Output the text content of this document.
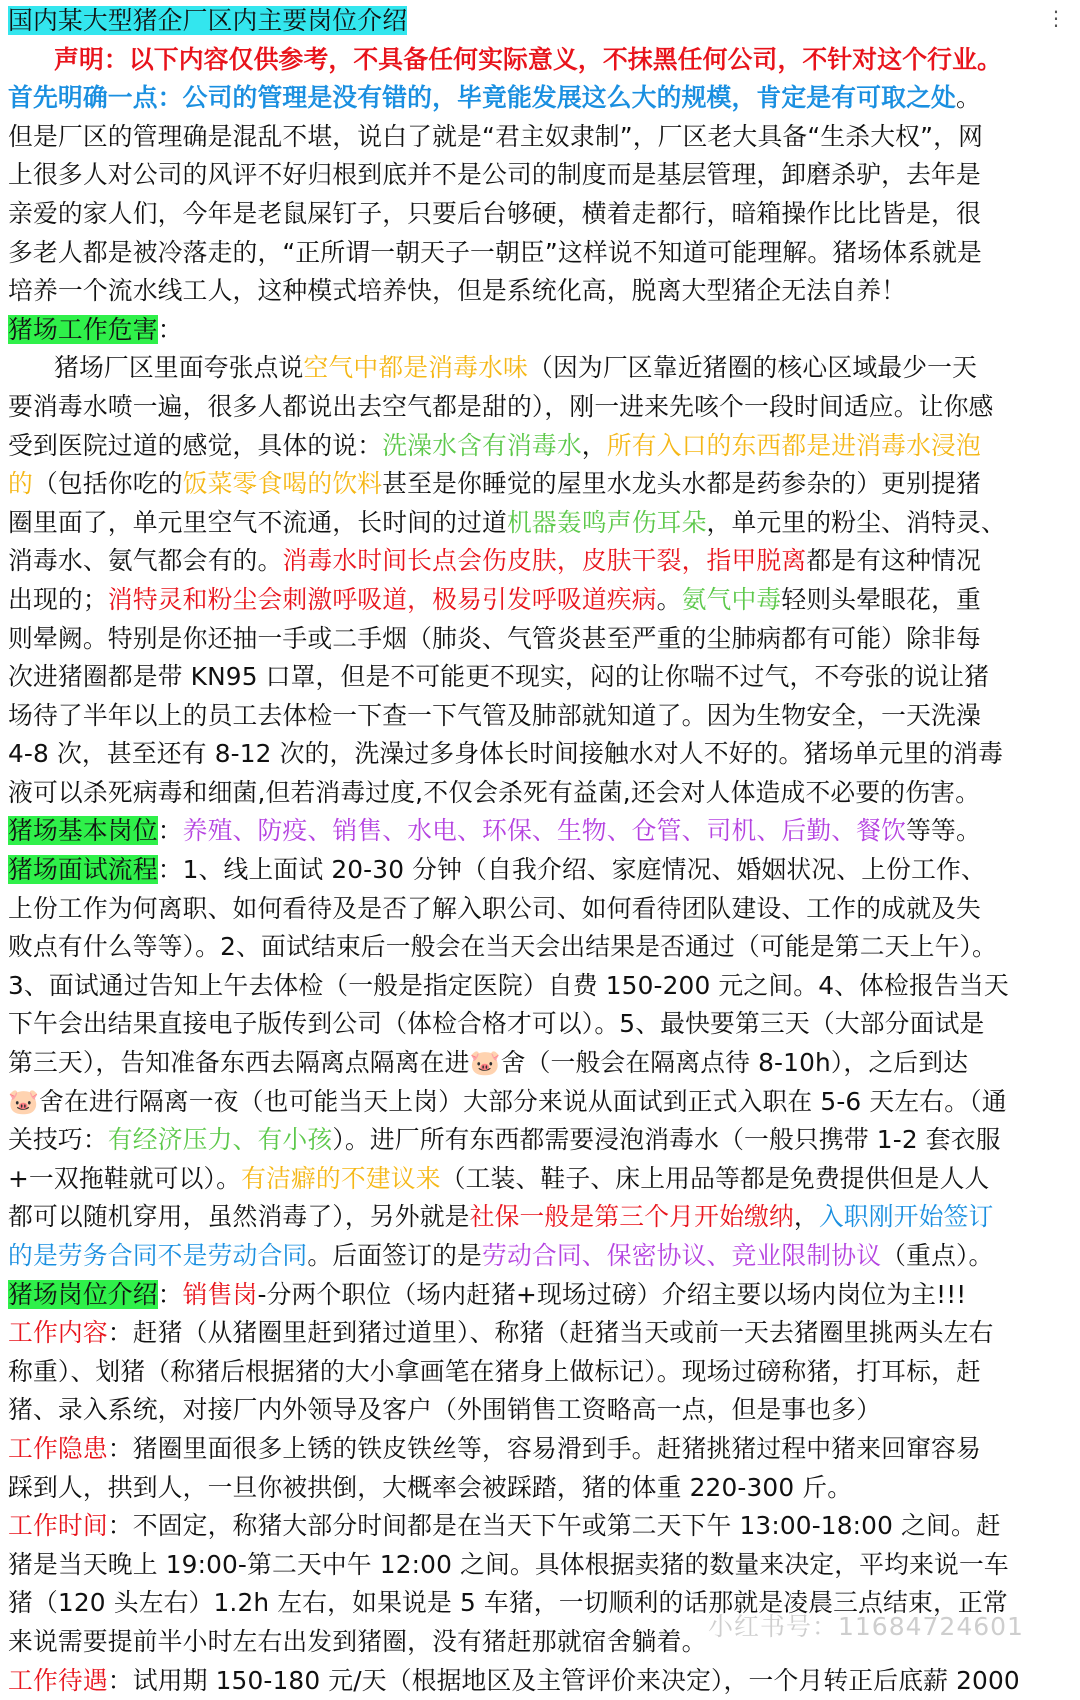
⋮
国内某大型猪企厂区内主要岗位介绍
声明：以下内容仅供参考，不具备任何实际意义，不抹黑任何公司，不针对这个行业。
首先明确一点：公司的管理是没有错的，毕竟能发展这么大的规模，肯定是有可取之处。
但是厂区的管理确是混乱不堪，说白了就是“君主奴隶制”，厂区老大具备“生杀大权”，网
上很多人对公司的风评不好归根到底并不是公司的制度而是基层管理，卸磨杀驴，去年是
亲爱的家人们，今年是老鼠屎钉子，只要后台够硬，横着走都行，暗箱操作比比皆是，很
多老人都是被冷落走的，“正所谓一朝天子一朝臣”这样说不知道可能理解。猪场体系就是
培养一个流水线工人，这种模式培养快，但是系统化高，脱离大型猪企无法自养！
猪场工作危害：
猪场厂区里面夸张点说空气中都是消毒水味（因为厂区靠近猪圈的核心区域最少一天
要消毒水喷一遍，很多人都说出去空气都是甜的），刚一进来先咳个一段时间适应。让你感
受到医院过道的感觉，具体的说：洗澡水含有消毒水，所有入口的东西都是进消毒水浸泡
的（包括你吃的饭菜零食喝的饮料甚至是你睡觉的屋里水龙头水都是药参杂的）更别提猪
圈里面了，单元里空气不流通，长时间的过道机器轰鸣声伤耳朵，单元里的粉尘、消特灵、
消毒水、氨气都会有的。消毒水时间长点会伤皮肤，皮肤干裂，指甲脱离都是有这种情况
出现的；消特灵和粉尘会刺激呼吸道，极易引发呼吸道疾病。氨气中毒轻则头晕眼花，重
则晕阙。特别是你还抽一手或二手烟（肺炎、气管炎甚至严重的尘肺病都有可能）除非每
次进猪圈都是带 KN95 口罩，但是不可能更不现实，闷的让你喘不过气，不夸张的说让猪
场待了半年以上的员工去体检一下查一下气管及肺部就知道了。因为生物安全，一天洗澡
4-8 次，甚至还有 8-12 次的，洗澡过多身体长时间接触水对人不好的。猪场单元里的消毒
液可以杀死病毒和细菌,但若消毒过度,不仅会杀死有益菌,还会对人体造成不必要的伤害。
猪场基本岗位：养殖、防疫、销售、水电、环保、生物、仓管、司机、后勤、餐饮等等。
猪场面试流程：1、线上面试 20-30 分钟（自我介绍、家庭情况、婚姻状况、上份工作、
上份工作为何离职、如何看待及是否了解入职公司、如何看待团队建设、工作的成就及失
败点有什么等等）。2、面试结束后一般会在当天会出结果是否通过（可能是第二天上午）。
3、面试通过告知上午去体检（一般是指定医院）自费 150-200 元之间。4、体检报告当天
下午会出结果直接电子版传到公司（体检合格才可以）。5、最快要第三天（大部分面试是
第三天），告知准备东西去隔离点隔离在进🐷舍（一般会在隔离点待 8-10h），之后到达
🐷舍在进行隔离一夜（也可能当天上岗）大部分来说从面试到正式入职在 5-6 天左右。（通
关技巧：有经济压力、有小孩）。进厂所有东西都需要浸泡消毒水（一般只携带 1-2 套衣服
+一双拖鞋就可以）。有洁癖的不建议来（工装、鞋子、床上用品等都是免费提供但是人人
都可以随机穿用，虽然消毒了），另外就是社保一般是第三个月开始缴纳，入职刚开始签订
的是劳务合同不是劳动合同。后面签订的是劳动合同、保密协议、竞业限制协议（重点）。
猪场岗位介绍：销售岗-分两个职位（场内赶猪+现场过磅）介绍主要以场内岗位为主!!!
工作内容：赶猪（从猪圈里赶到猪过道里）、称猪（赶猪当天或前一天去猪圈里挑两头左右
称重）、划猪（称猪后根据猪的大小拿画笔在猪身上做标记）。现场过磅称猪，打耳标，赶
猪、录入系统，对接厂内外领导及客户（外围销售工资略高一点，但是事也多）
工作隐患：猪圈里面很多上锈的铁皮铁丝等，容易滑到手。赶猪挑猪过程中猪来回窜容易
踩到人，拱到人，一旦你被拱倒，大概率会被踩踏，猪的体重 220-300 斤。
工作时间：不固定，称猪大部分时间都是在当天下午或第二天下午 13:00-18:00 之间。赶
猪是当天晚上 19:00-第二天中午 12:00 之间。具体根据卖猪的数量来决定，平均来说一车
猪（120 头左右）1.2h 左右，如果说是 5 车猪，一切顺利的话那就是凌晨三点结束，正常
来说需要提前半小时左右出发到猪圈，没有猪赶那就宿舍躺着。
工作待遇：试用期 150-180 元/天（根据地区及主管评价来决定），一个月转正后底薪 2000
小红书号：11684724601
